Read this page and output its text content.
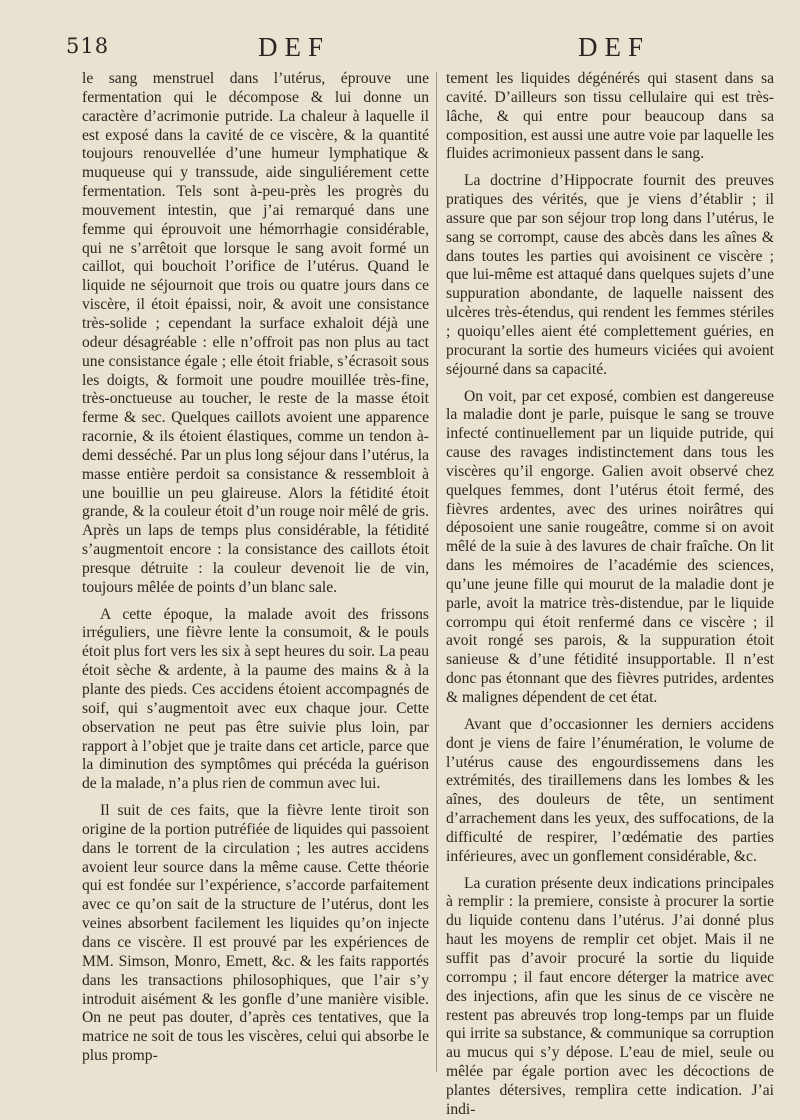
518	DEF	DEF

le sang menstruel dans l’utérus, éprouve une fermentation qui le décompose & lui donne un caractère d’acrimonie putride. La chaleur à laquelle il est exposé dans la cavité de ce viscère, & la quantité toujours renouvellée d’une humeur lymphatique & muqueuse qui y transsude, aide singuliérement cette fermentation. Tels sont à-peu-près les progrès du mouvement intestin, que j’ai remarqué dans une femme qui éprouvoit une hémorrhagie considérable, qui ne s’arrêtoit que lorsque le sang avoit formé un caillot, qui bouchoit l’orifice de l’utérus. Quand le liquide ne séjournoit que trois ou quatre jours dans ce viscère, il étoit épaissi, noir, & avoit une consistance très-solide ; cependant la surface exhaloit déjà une odeur désagréable : elle n’offroit pas non plus au tact une consistance égale ; elle étoit friable, s’écrasoit sous les doigts, & formoit une poudre mouillée très-fine, très-onctueuse au toucher, le reste de la masse étoit ferme & sec. Quelques caillots avoient une apparence racornie, & ils étoient élastiques, comme un tendon à-demi desséché. Par un plus long séjour dans l’utérus, la masse entière perdoit sa consistance & ressembloit à une bouillie un peu glaireuse. Alors la fétidité étoit grande, & la couleur étoit d’un rouge noir mêlé de gris. Après un laps de temps plus considérable, la fétidité s’augmentoit encore : la consistance des caillots étoit presque détruite : la couleur devenoit lie de vin, toujours mêlée de points d’un blanc sale.

A cette époque, la malade avoit des frissons irréguliers, une fièvre lente la consumoit, & le pouls étoit plus fort vers les six à sept heures du soir. La peau étoit sèche & ardente, à la paume des mains & à la plante des pieds. Ces accidens étoient accompagnés de soif, qui s’augmentoit avec eux chaque jour. Cette observation ne peut pas être suivie plus loin, par rapport à l’objet que je traite dans cet article, parce que la diminution des symptômes qui précéda la guérison de la malade, n’a plus rien de commun avec lui.

Il suit de ces faits, que la fièvre lente tiroit son origine de la portion putréfiée de liquides qui passoient dans le torrent de la circulation ; les autres accidens avoient leur source dans la même cause. Cette théorie qui est fondée sur l’expérience, s’accorde parfaitement avec ce qu’on sait de la structure de l’utérus, dont les veines absorbent facilement les liquides qu’on injecte dans ce viscère. Il est prouvé par les expériences de MM. Simson, Monro, Emett, &c. & les faits rapportés dans les transactions philosophiques, que l’air s’y introduit aisément & les gonfle d’une manière visible. On ne peut pas douter, d’après ces tentatives, que la matrice ne soit de tous les viscères, celui qui absorbe le plus promp-

tement les liquides dégénérés qui stasent dans sa cavité. D’ailleurs son tissu cellulaire qui est très-lâche, & qui entre pour beaucoup dans sa composition, est aussi une autre voie par laquelle les fluides acrimonieux passent dans le sang.

La doctrine d’Hippocrate fournit des preuves pratiques des vérités, que je viens d’établir ; il assure que par son séjour trop long dans l’utérus, le sang se corrompt, cause des abcès dans les aînes & dans toutes les parties qui avoisinent ce viscère ; que lui-même est attaqué dans quelques sujets d’une suppuration abondante, de laquelle naissent des ulcères très-étendus, qui rendent les femmes stériles ; quoiqu’elles aient été complettement guéries, en procurant la sortie des humeurs viciées qui avoient séjourné dans sa capacité.

On voit, par cet exposé, combien est dangereuse la maladie dont je parle, puisque le sang se trouve infecté continuellement par un liquide putride, qui cause des ravages indistinctement dans tous les viscères qu’il engorge. Galien avoit observé chez quelques femmes, dont l’utérus étoit fermé, des fièvres ardentes, avec des urines noirâtres qui déposoient une sanie rougeâtre, comme si on avoit mêlé de la suie à des lavures de chair fraîche. On lit dans les mémoires de l’académie des sciences, qu’une jeune fille qui mourut de la maladie dont je parle, avoit la matrice très-distendue, par le liquide corrompu qui étoit renfermé dans ce viscère ; il avoit rongé ses parois, & la suppuration étoit sanieuse & d’une fétidité insupportable. Il n’est donc pas étonnant que des fièvres putrides, ardentes & malignes dépendent de cet état.

Avant que d’occasionner les derniers accidens dont je viens de faire l’énumération, le volume de l’utérus cause des engourdissemens dans les extrémités, des tiraillemens dans les lombes & les aînes, des douleurs de tête, un sentiment d’arrachement dans les yeux, des suffocations, de la difficulté de respirer, l’œdématie des parties inférieures, avec un gonflement considérable, &c.

La curation présente deux indications principales à remplir : la premiere, consiste à procurer la sortie du liquide contenu dans l’utérus. J’ai donné plus haut les moyens de remplir cet objet. Mais il ne suffit pas d’avoir procuré la sortie du liquide corrompu ; il faut encore déterger la matrice avec des injections, afin que les sinus de ce viscère ne restent pas abreuvés trop long-temps par un fluide qui irrite sa substance, & communique sa corruption au mucus qui s’y dépose. L’eau de miel, seule ou mêlée par égale portion avec les décoctions de plantes détersives, remplira cette indication. J’ai indi-
